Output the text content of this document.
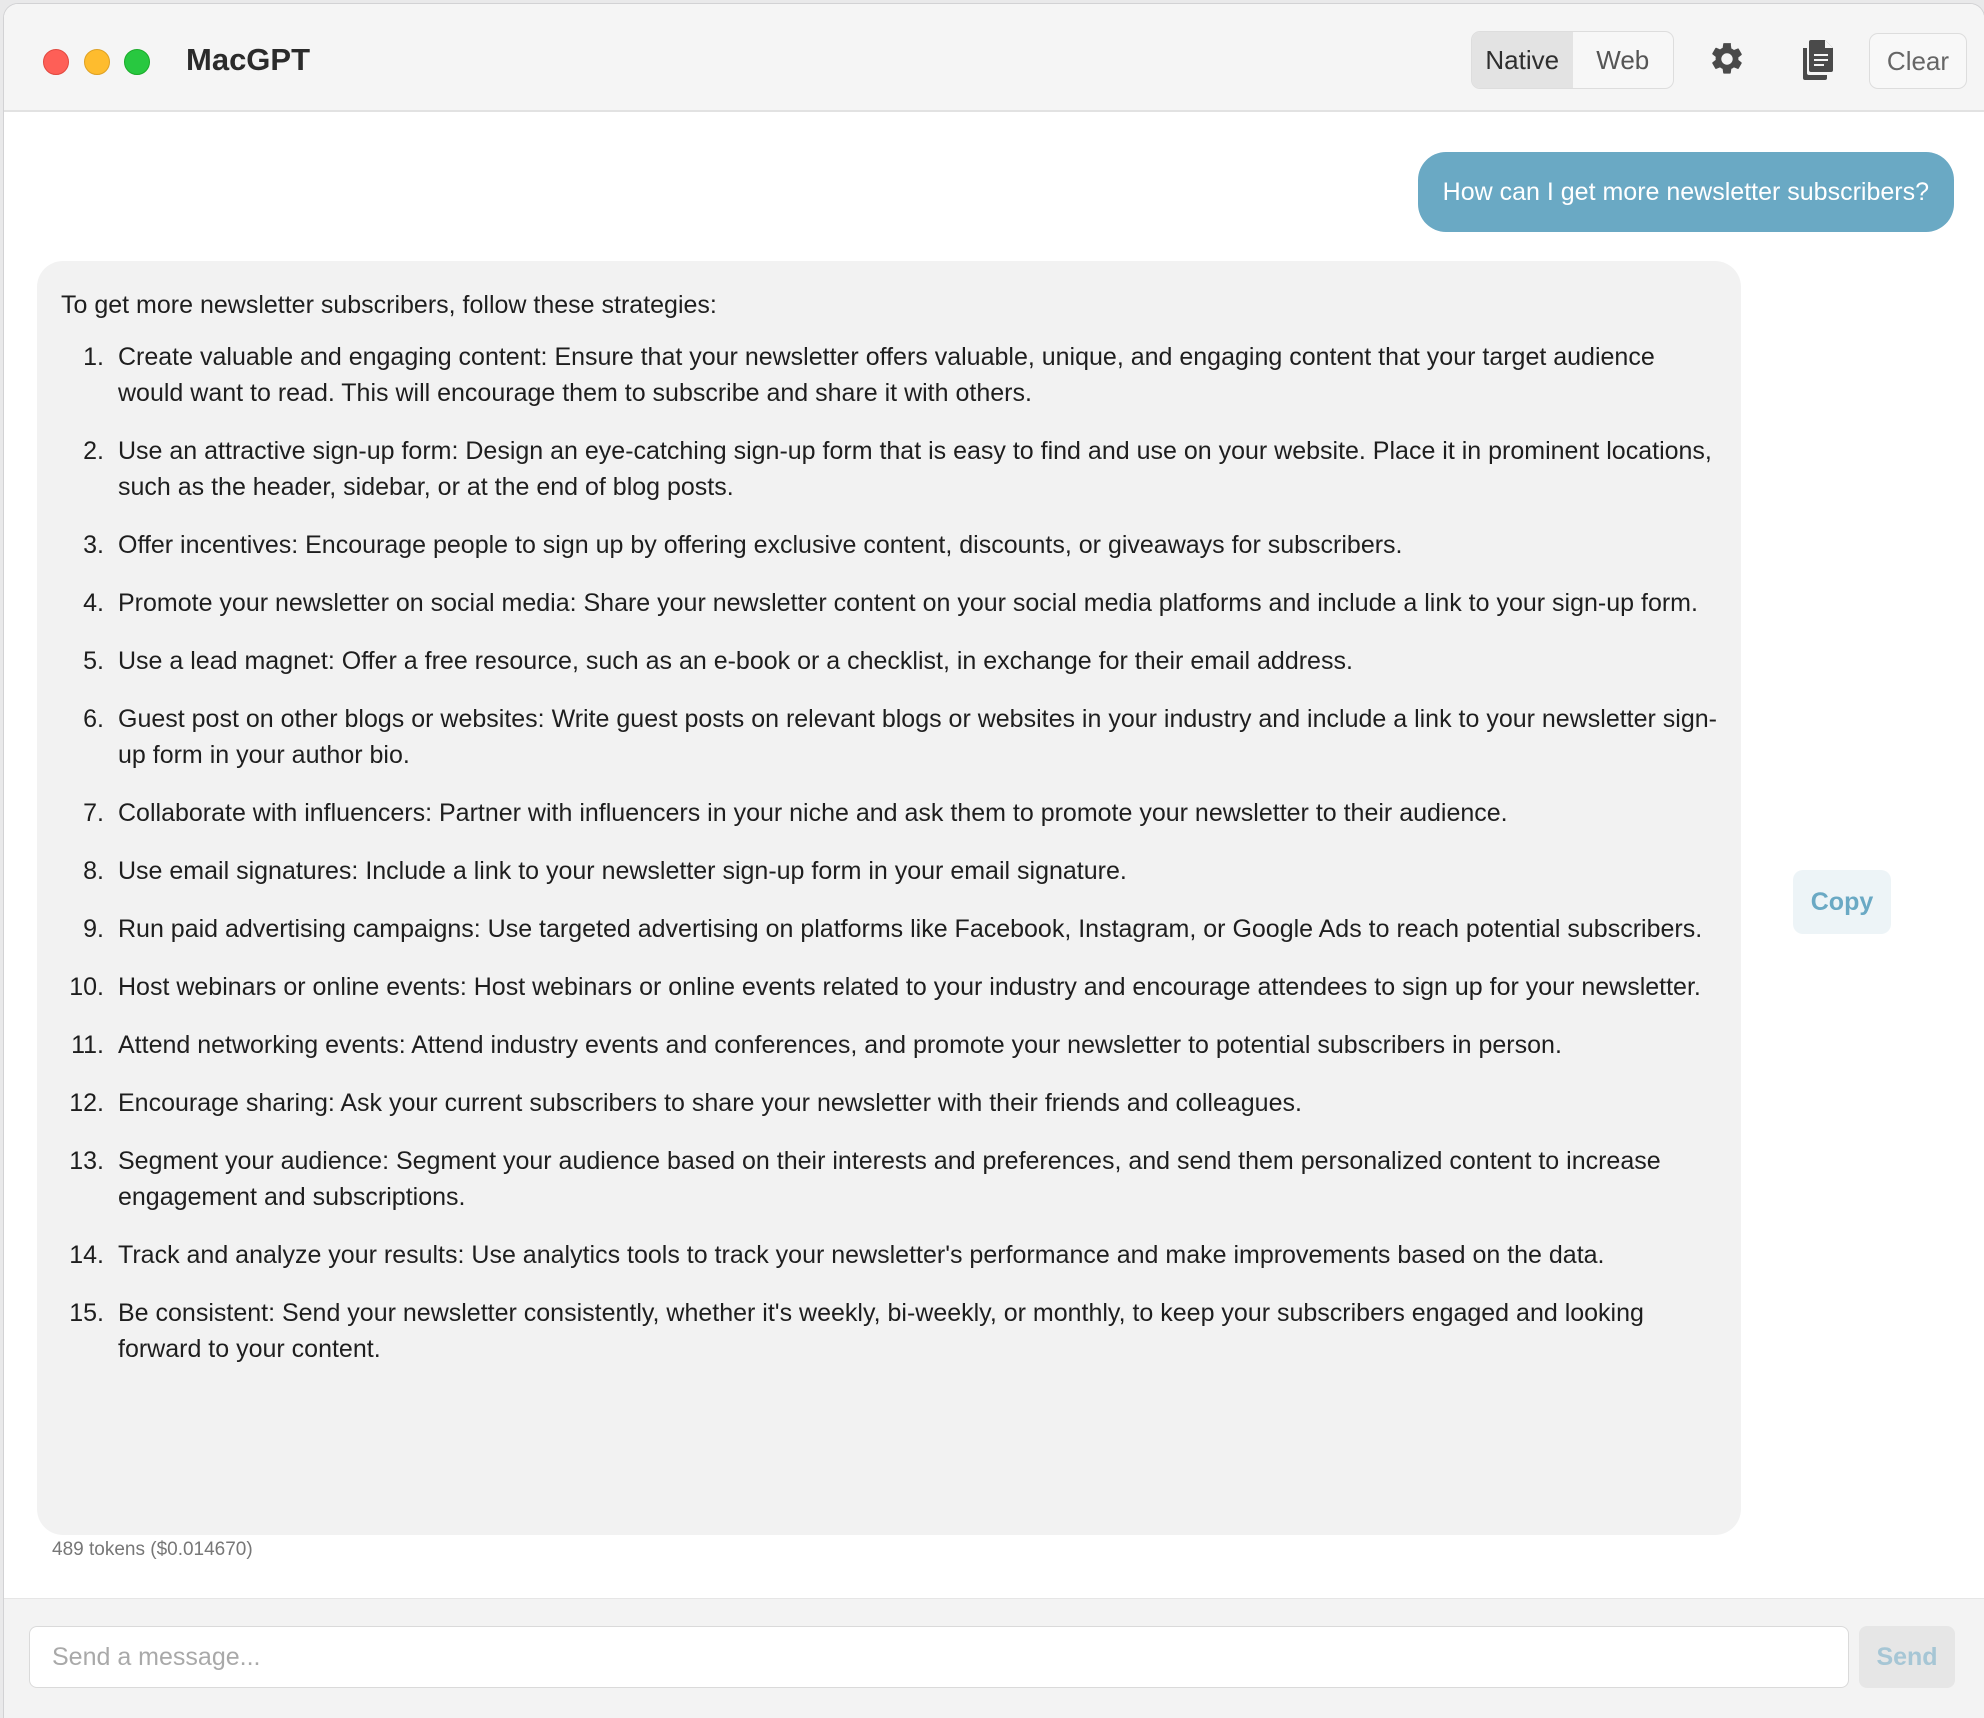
MacGPT	Native	Web	Clear
How can I get more newsletter subscribers?

To get more newsletter subscribers, follow these strategies:

1. Create valuable and engaging content: Ensure that your newsletter offers valuable, unique, and engaging content that your target audience would want to read. This will encourage them to subscribe and share it with others.
2. Use an attractive sign-up form: Design an eye-catching sign-up form that is easy to find and use on your website. Place it in prominent locations, such as the header, sidebar, or at the end of blog posts.
3. Offer incentives: Encourage people to sign up by offering exclusive content, discounts, or giveaways for subscribers.
4. Promote your newsletter on social media: Share your newsletter content on your social media platforms and include a link to your sign-up form.
5. Use a lead magnet: Offer a free resource, such as an e-book or a checklist, in exchange for their email address.
6. Guest post on other blogs or websites: Write guest posts on relevant blogs or websites in your industry and include a link to your newsletter sign-up form in your author bio.
7. Collaborate with influencers: Partner with influencers in your niche and ask them to promote your newsletter to their audience.
8. Use email signatures: Include a link to your newsletter sign-up form in your email signature.
9. Run paid advertising campaigns: Use targeted advertising on platforms like Facebook, Instagram, or Google Ads to reach potential subscribers.
10. Host webinars or online events: Host webinars or online events related to your industry and encourage attendees to sign up for your newsletter.
11. Attend networking events: Attend industry events and conferences, and promote your newsletter to potential subscribers in person.
12. Encourage sharing: Ask your current subscribers to share your newsletter with their friends and colleagues.
13. Segment your audience: Segment your audience based on their interests and preferences, and send them personalized content to increase engagement and subscriptions.
14. Track and analyze your results: Use analytics tools to track your newsletter's performance and make improvements based on the data.
15. Be consistent: Send your newsletter consistently, whether it's weekly, bi-weekly, or monthly, to keep your subscribers engaged and looking forward to your content.
Copy
489 tokens ($0.014670)
Send a message...
Send
